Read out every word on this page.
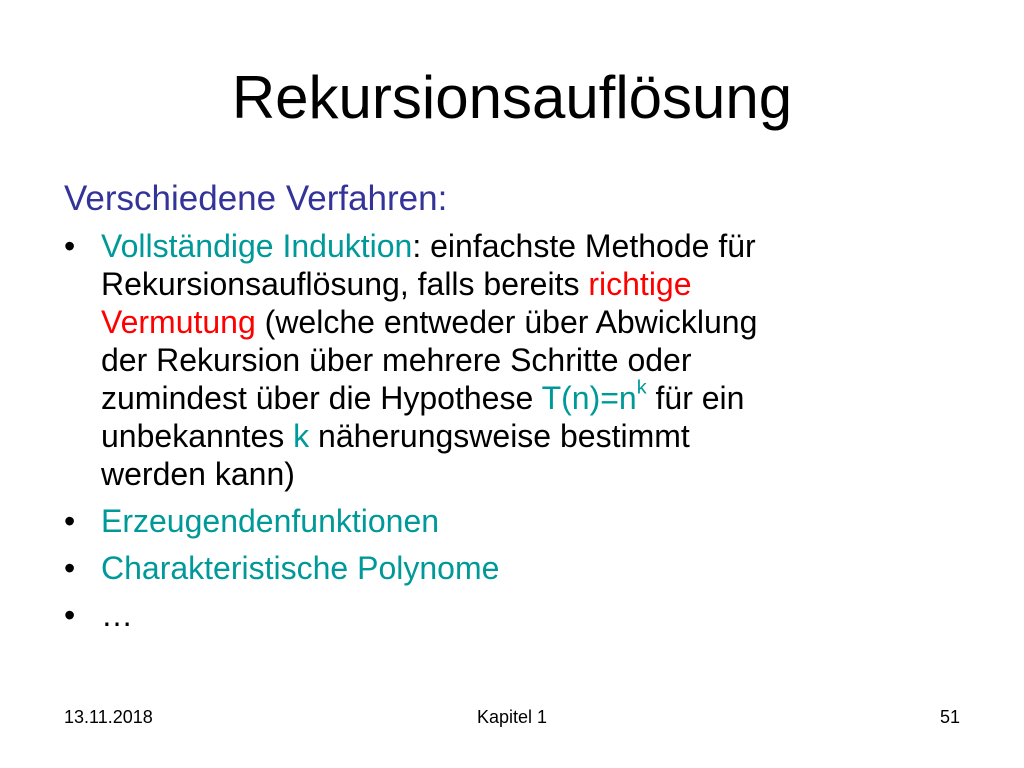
Rekursionsauflösung
Verschiedene Verfahren:
• Vollständige Induktion: einfachste Methode für
Rekursionsauflösung, falls bereits richtige
Vermutung (welche entweder über Abwicklung
der Rekursion über mehrere Schritte oder
zumindest über die Hypothese $T(n)=n^k$ für ein
unbekanntes k näherungsweise bestimmt
werden kann)
• Erzeugendenfunktionen
• Charakteristische Polynome
• …
13.11.2018	Kapitel 1	51
